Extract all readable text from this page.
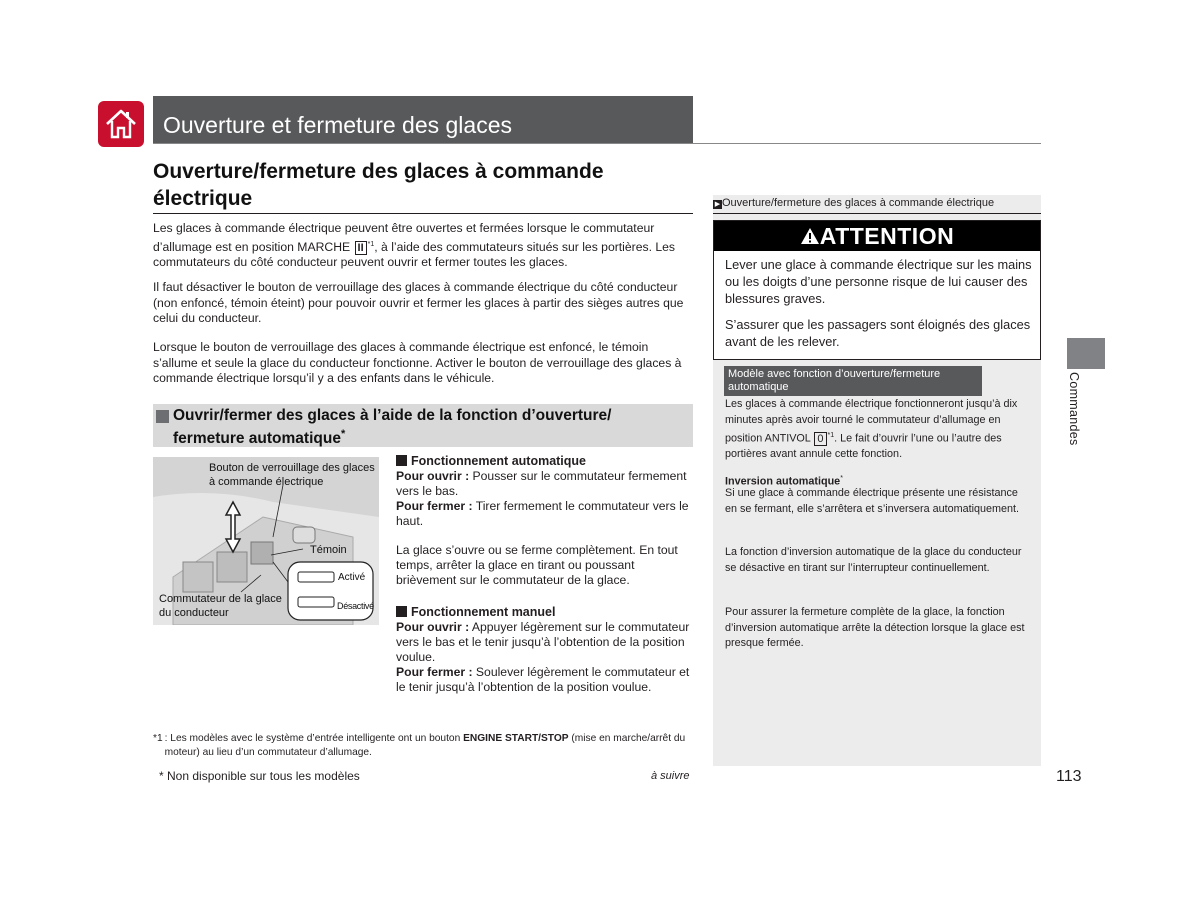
Ouverture et fermeture des glaces
Ouverture/fermeture des glaces à commande
électrique
Les glaces à commande électrique peuvent être ouvertes et fermées lorsque le commutateur d’allumage est en position MARCHE II $^{*1}$, à l’aide des commutateurs situés sur les portières. Les commutateurs du côté conducteur peuvent ouvrir et fermer toutes les glaces.
Il faut désactiver le bouton de verrouillage des glaces à commande électrique du côté conducteur (non enfoncé, témoin éteint) pour pouvoir ouvrir et fermer les glaces à partir des sièges autres que celui du conducteur.
Lorsque le bouton de verrouillage des glaces à commande électrique est enfoncé, le témoin s’allume et seule la glace du conducteur fonctionne. Activer le bouton de verrouillage des glaces à commande électrique lorsqu’il y a des enfants dans le véhicule.
Ouvrir/fermer des glaces à l’aide de la fonction d’ouverture/
fermeture automatique*
Bouton de verrouillage des glaces à commande électrique
Témoin
Activé
Désactivé
Commutateur de la glace du conducteur
Fonctionnement automatique
Pour ouvrir : Pousser sur le commutateur fermement vers le bas.
Pour fermer : Tirer fermement le commutateur vers le haut.
La glace s’ouvre ou se ferme complètement. En tout temps, arrêter la glace en tirant ou poussant brièvement sur le commutateur de la glace.
Fonctionnement manuel
Pour ouvrir : Appuyer légèrement sur le commutateur vers le bas et le tenir jusqu’à l’obtention de la position voulue.
Pour fermer : Soulever légèrement le commutateur et le tenir jusqu’à l’obtention de la position voulue.
*1 : Les modèles avec le système d’entrée intelligente ont un bouton ENGINE START/STOP (mise en marche/arrêt du moteur) au lieu d’un commutateur d’allumage.
* Non disponible sur tous les modèles	à suivre	113
▶ Ouverture/fermeture des glaces à commande électrique
ATTENTION
Lever une glace à commande électrique sur les mains ou les doigts d’une personne risque de lui causer des blessures graves.
S’assurer que les passagers sont éloignés des glaces avant de les relever.
Modèle avec fonction d’ouverture/fermeture automatique
Les glaces à commande électrique fonctionneront jusqu’à dix minutes après avoir tourné le commutateur d’allumage en position ANTIVOL 0 $^{*1}$. Le fait d’ouvrir l’une ou l’autre des portières avant annule cette fonction.
Inversion automatique*
Si une glace à commande électrique présente une résistance en se fermant, elle s’arrêtera et s’inversera automatiquement.
La fonction d’inversion automatique de la glace du conducteur se désactive en tirant sur l’interrupteur continuellement.
Pour assurer la fermeture complète de la glace, la fonction d’inversion automatique arrête la détection lorsque la glace est presque fermée.
Commandes
